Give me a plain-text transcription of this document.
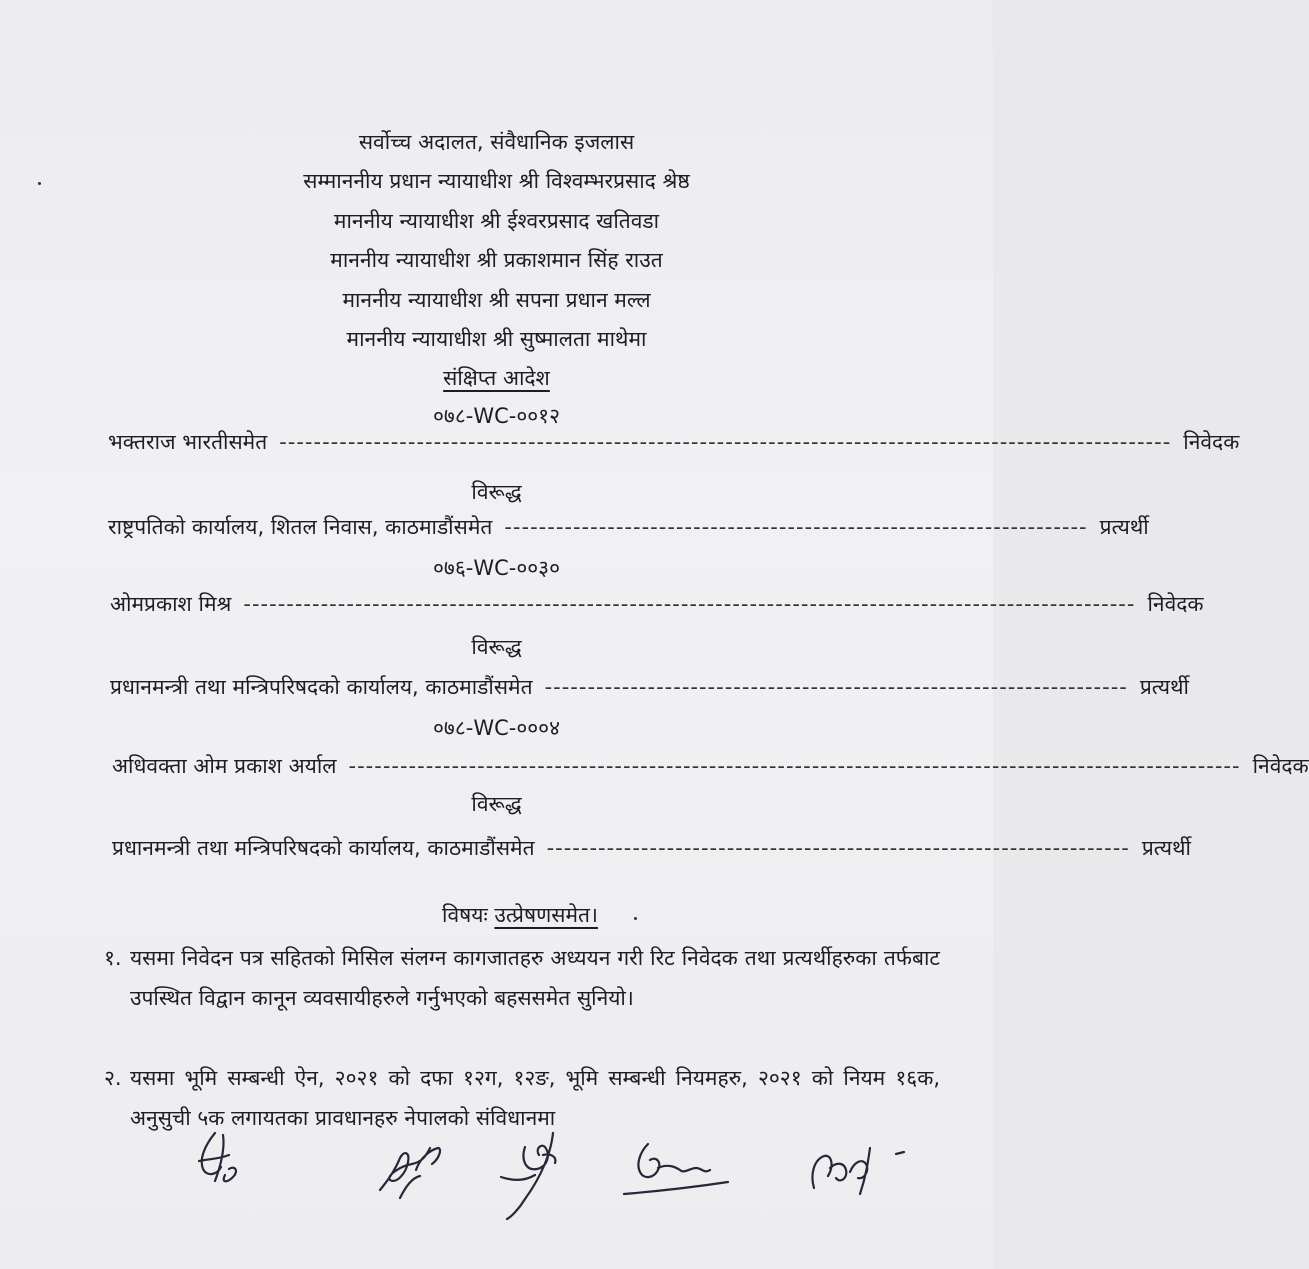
सर्वोच्च अदालत, संवैधानिक इजलास
सम्माननीय प्रधान न्यायाधीश श्री विश्वम्भरप्रसाद श्रेष्ठ
माननीय न्यायाधीश श्री ईश्वरप्रसाद खतिवडा
माननीय न्यायाधीश श्री प्रकाशमान सिंह राउत
माननीय न्यायाधीश श्री सपना प्रधान मल्ल
माननीय न्यायाधीश श्री सुष्मालता माथेमा
संक्षिप्त आदेश
०७८-WC-००१२
भक्तराज भारतीसमेत -------------------------------------------------------------------------------------------------------- निवेदक
विरूद्ध
राष्ट्रपतिको कार्यालय, शितल निवास, काठमाडौंसमेत -------------------------------------------------------------------- प्रत्यर्थी
०७६-WC-००३०
ओमप्रकाश मिश्र -------------------------------------------------------------------------------------------------------- निवेदक
विरूद्ध
प्रधानमन्त्री तथा मन्त्रिपरिषदको कार्यालय, काठमाडौंसमेत -------------------------------------------------------------------- प्रत्यर्थी
०७८-WC-०००४
अधिवक्ता ओम प्रकाश अर्याल -------------------------------------------------------------------------------------------------------- निवेदक
विरूद्ध
प्रधानमन्त्री तथा मन्त्रिपरिषदको कार्यालय, काठमाडौंसमेत -------------------------------------------------------------------- प्रत्यर्थी
विषयः उत्प्रेषणसमेत।
१. यसमा निवेदन पत्र सहितको मिसिल संलग्न कागजातहरु अध्ययन गरी रिट निवेदक तथा प्रत्यर्थीहरुका तर्फबाट उपस्थित विद्वान कानून व्यवसायीहरुले गर्नुभएको बहससमेत सुनियो।
२. यसमा भूमि सम्बन्धी ऐन, २०२१ को दफा १२ग, १२ङ, भूमि सम्बन्धी नियमहरु, २०२१ को नियम १६क, अनुसुची ५क लगायतका प्रावधानहरु नेपालको संविधानमा
